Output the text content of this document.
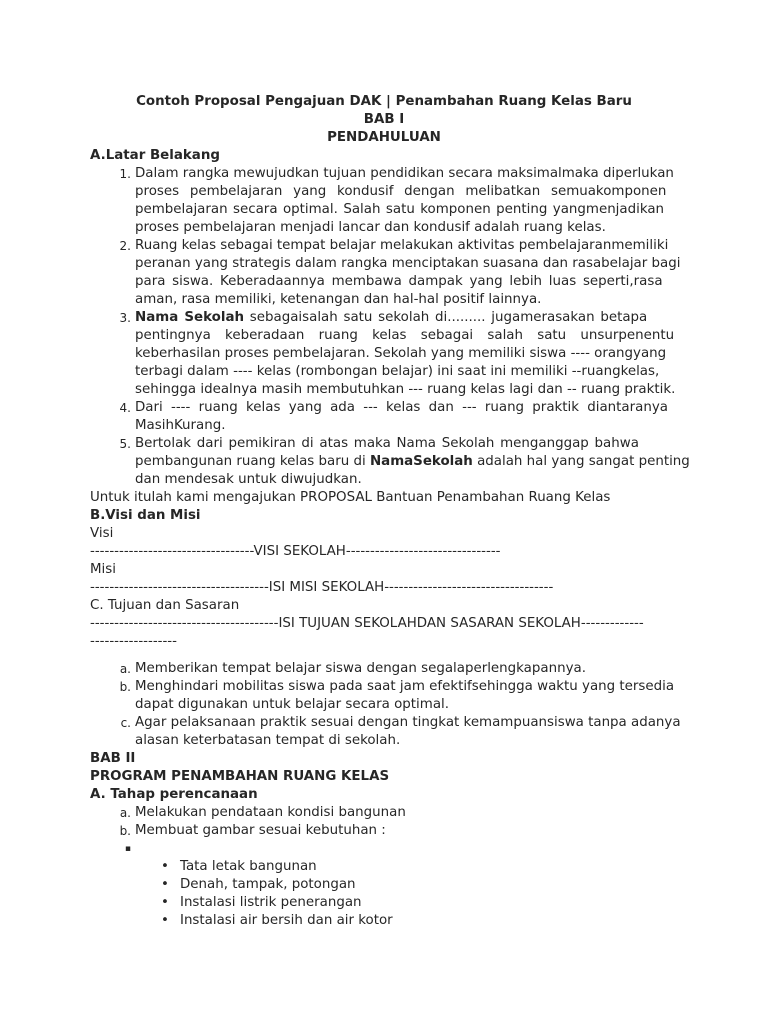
Contoh Proposal Pengajuan DAK | Penambahan Ruang Kelas Baru
BAB I
PENDAHULUAN
A.Latar Belakang
1. Dalam rangka mewujudkan tujuan pendidikan secara maksimalmaka diperlukan
proses pembelajaran yang kondusif dengan melibatkan semuakomponen
pembelajaran secara optimal. Salah satu komponen penting yangmenjadikan
proses pembelajaran menjadi lancar dan kondusif adalah ruang kelas.
2. Ruang kelas sebagai tempat belajar melakukan aktivitas pembelajaranmemiliki
peranan yang strategis dalam rangka menciptakan suasana dan rasabelajar bagi
para siswa. Keberadaannya membawa dampak yang lebih luas seperti,rasa
aman, rasa memiliki, ketenangan dan hal-hal positif lainnya.
3. Nama Sekolah sebagaisalah satu sekolah di......... jugamerasakan betapa
pentingnya keberadaan ruang kelas sebagai salah satu unsurpenentu
keberhasilan proses pembelajaran. Sekolah yang memiliki siswa ---- orangyang
terbagi dalam ---- kelas (rombongan belajar) ini saat ini memiliki --ruangkelas,
sehingga idealnya masih membutuhkan --- ruang kelas lagi dan -- ruang praktik.
4. Dari ---- ruang kelas yang ada --- kelas dan --- ruang praktik diantaranya
MasihKurang.
5. Bertolak dari pemikiran di atas maka Nama Sekolah menganggap bahwa
pembangunan ruang kelas baru di NamaSekolah adalah hal yang sangat penting
dan mendesak untuk diwujudkan.
Untuk itulah kami mengajukan PROPOSAL Bantuan Penambahan Ruang Kelas
B.Visi dan Misi
Visi
----------------------------------VISI SEKOLAH--------------------------------
Misi
-------------------------------------ISI MISI SEKOLAH-----------------------------------
C. Tujuan dan Sasaran
---------------------------------------ISI TUJUAN SEKOLAHDAN SASARAN SEKOLAH-------------
------------------
a. Memberikan tempat belajar siswa dengan segalaperlengkapannya.
b. Menghindari mobilitas siswa pada saat jam efektifsehingga waktu yang tersedia
dapat digunakan untuk belajar secara optimal.
c. Agar pelaksanaan praktik sesuai dengan tingkat kemampuansiswa tanpa adanya
alasan keterbatasan tempat di sekolah.
BAB II
PROGRAM PENAMBAHAN RUANG KELAS
A. Tahap perencanaan
a. Melakukan pendataan kondisi bangunan
b. Membuat gambar sesuai kebutuhan :
▪
• Tata letak bangunan
• Denah, tampak, potongan
• Instalasi listrik penerangan
• Instalasi air bersih dan air kotor
